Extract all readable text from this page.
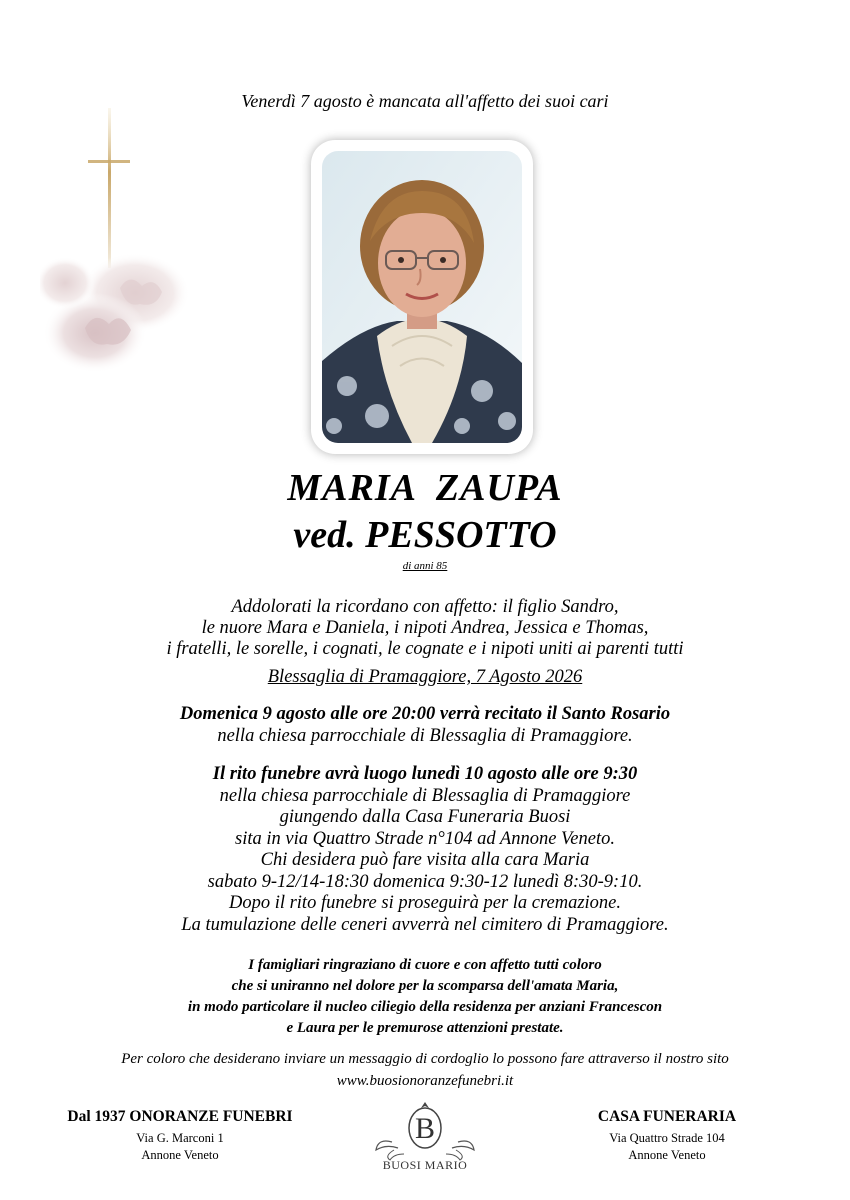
Venerdì 7 agosto è mancata all'affetto dei suoi cari
MARIA  ZAUPA
ved. PESSOTTO
di anni 85
Addolorati la ricordano con affetto: il figlio Sandro,
le nuore Mara e Daniela, i nipoti Andrea, Jessica e Thomas,
i fratelli, le sorelle, i cognati, le cognate e i nipoti uniti ai parenti tutti
Blessaglia di Pramaggiore, 7 Agosto 2026
Domenica 9 agosto alle ore 20:00 verrà recitato il Santo Rosario
nella chiesa parrocchiale di Blessaglia di Pramaggiore.
Il rito funebre avrà luogo lunedì 10 agosto alle ore 9:30
nella chiesa parrocchiale di Blessaglia di Pramaggiore
giungendo dalla Casa Funeraria Buosi
sita in via Quattro Strade n°104 ad Annone Veneto.
Chi desidera può fare visita alla cara Maria
sabato 9-12/14-18:30 domenica 9:30-12 lunedì 8:30-9:10.
Dopo il rito funebre si proseguirà per la cremazione.
La tumulazione delle ceneri avverrà nel cimitero di Pramaggiore.
I famigliari ringraziano di cuore e con affetto tutti coloro
che si uniranno nel dolore per la scomparsa dell'amata Maria,
in modo particolare il nucleo ciliegio della residenza per anziani Francescon
e Laura per le premurose attenzioni prestate.
Per coloro che desiderano inviare un messaggio di cordoglio lo possono fare attraverso il nostro sito
www.buosionoranzefunebri.it
Dal 1937 ONORANZE FUNEBRI
Via G. Marconi 1
Annone Veneto
B
BUOSI MARIO
CASA FUNERARIA
Via Quattro Strade 104
Annone Veneto
